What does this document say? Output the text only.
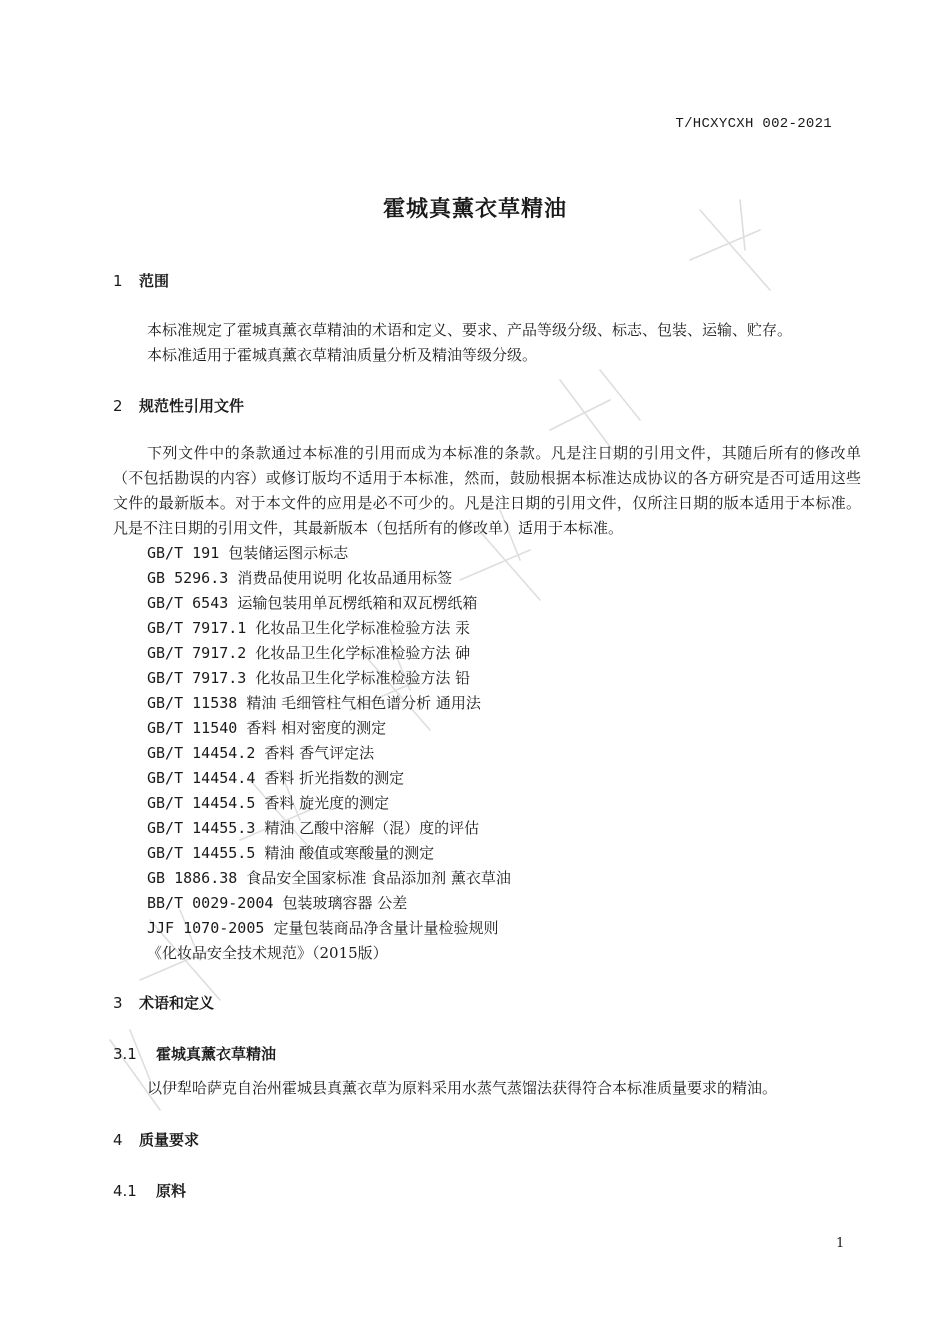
T/HCXYCXH 002-2021
霍城真薰衣草精油
1 范围
本标准规定了霍城真薰衣草精油的术语和定义、要求、产品等级分级、标志、包装、运输、贮存。
本标准适用于霍城真薰衣草精油质量分析及精油等级分级。
2 规范性引用文件
下列文件中的条款通过本标准的引用而成为本标准的条款。凡是注日期的引用文件，其随后所有的修改单（不包括勘误的内容）或修订版均不适用于本标准，然而，鼓励根据本标准达成协议的各方研究是否可适用这些文件的最新版本。对于本文件的应用是必不可少的。凡是注日期的引用文件，仅所注日期的版本适用于本标准。凡是不注日期的引用文件，其最新版本（包括所有的修改单）适用于本标准。
GB/T 191 包装储运图示标志
GB 5296.3 消费品使用说明 化妆品通用标签
GB/T 6543 运输包装用单瓦楞纸箱和双瓦楞纸箱
GB/T 7917.1 化妆品卫生化学标准检验方法 汞
GB/T 7917.2 化妆品卫生化学标准检验方法 砷
GB/T 7917.3 化妆品卫生化学标准检验方法 铅
GB/T 11538 精油 毛细管柱气相色谱分析 通用法
GB/T 11540 香料 相对密度的测定
GB/T 14454.2 香料 香气评定法
GB/T 14454.4 香料 折光指数的测定
GB/T 14454.5 香料 旋光度的测定
GB/T 14455.3 精油 乙酸中溶解（混）度的评估
GB/T 14455.5 精油 酸值或寒酸量的测定
GB 1886.38 食品安全国家标准 食品添加剂 薰衣草油
BB/T 0029-2004 包装玻璃容器 公差
JJF 1070-2005 定量包装商品净含量计量检验规则
《化妆品安全技术规范》（2015版）
3 术语和定义
3.1 霍城真薰衣草精油
以伊犁哈萨克自治州霍城县真薰衣草为原料采用水蒸气蒸馏法获得符合本标准质量要求的精油。
4 质量要求
4.1 原料
1
